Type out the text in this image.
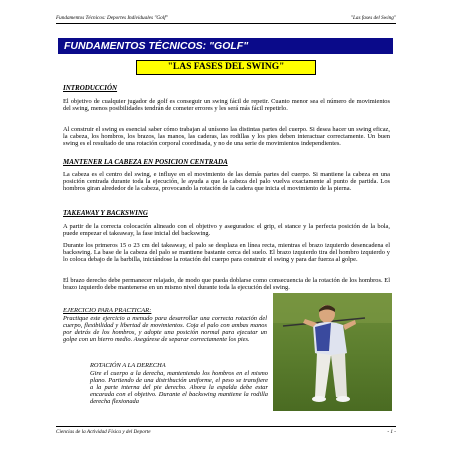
Fundamentos Técnicos: Deportes Individuales "Golf"	"Las fases del Swing"
FUNDAMENTOS TÉCNICOS: "GOLF"
"LAS FASES DEL SWING"
INTRODUCCIÓN
El objetivo de cualquier jugador de golf es conseguir un swing fácil de repetir. Cuanto menor sea el número de movimientos del swing, menos posibilidades tendrán de cometer errores y les será más fácil repetirlo.
Al construir el swing es esencial saber cómo trabajan al unísono las distintas partes del cuerpo. Si desea hacer un swing eficaz, la cabeza, los hombros, los brazos, las manos, las caderas, las rodillas y los pies deben interactuar correctamente. Un buen swing es el resultado de una rotación corporal coordinada, y no de una serie de movimientos independientes.
MANTENER LA CABEZA EN POSICION CENTRADA
La cabeza es el centro del swing, e influye en el movimiento de las demás partes del cuerpo. Si mantiene la cabeza en una posición centrada durante toda la ejecución, le ayuda a que la cabeza del palo vuelva exactamente al punto de partida. Los hombros giran alrededor de la cabeza, provocando la rotación de la cadera que inicia el movimiento de la pierna.
TAKEAWAY Y BACKSWING
A partir de la correcta colocación alineado con el objetivo y asegurados: el grip, el stance y la perfecta posición de la bola, puede empezar el takeaway, la fase inicial del backswing.
Durante los primeros 15 o 23 cm del takeaway, el palo se desplaza en línea recta, mientras el brazo izquierdo desencadena el backswing. La base de la cabeza del palo se mantiene bastante cerca del suelo. El brazo izquierdo tira del hombro izquierdo y lo coloca debajo de la barbilla, iniciándose la rotación del cuerpo para construir el swing y para dar fuerza al golpe.
El brazo derecho debe permanecer relajado, de modo que pueda doblarse como consecuencia de la rotación de los hombros. El brazo izquierdo debe mantenerse en un mismo nivel durante toda la ejecución del swing.
EJERCICIO PARA PRACTICAR:
Practique este ejercicio a menudo para desarrollar una correcta rotación del cuerpo, flexibilidad y libertad de movimientos. Coja el palo con ambas manos por detrás de los hombros, y adopte una posición normal para ejecutar un golpe con un hierro medio. Asegúrese de separar correctamente los pies.
ROTACIÓN A LA DERECHA
Gire el cuerpo a la derecha, manteniendo los hombros en el mismo plano. Partiendo de una distribución uniforme, el peso se transfiere a la parte interna del pie derecho. Ahora la espalda debe estar encarada con el objetivo. Durante el backswing mantiene la rodilla derecha flexionada
Ciencias de la Actividad Física y del Deporte	- 1 -
